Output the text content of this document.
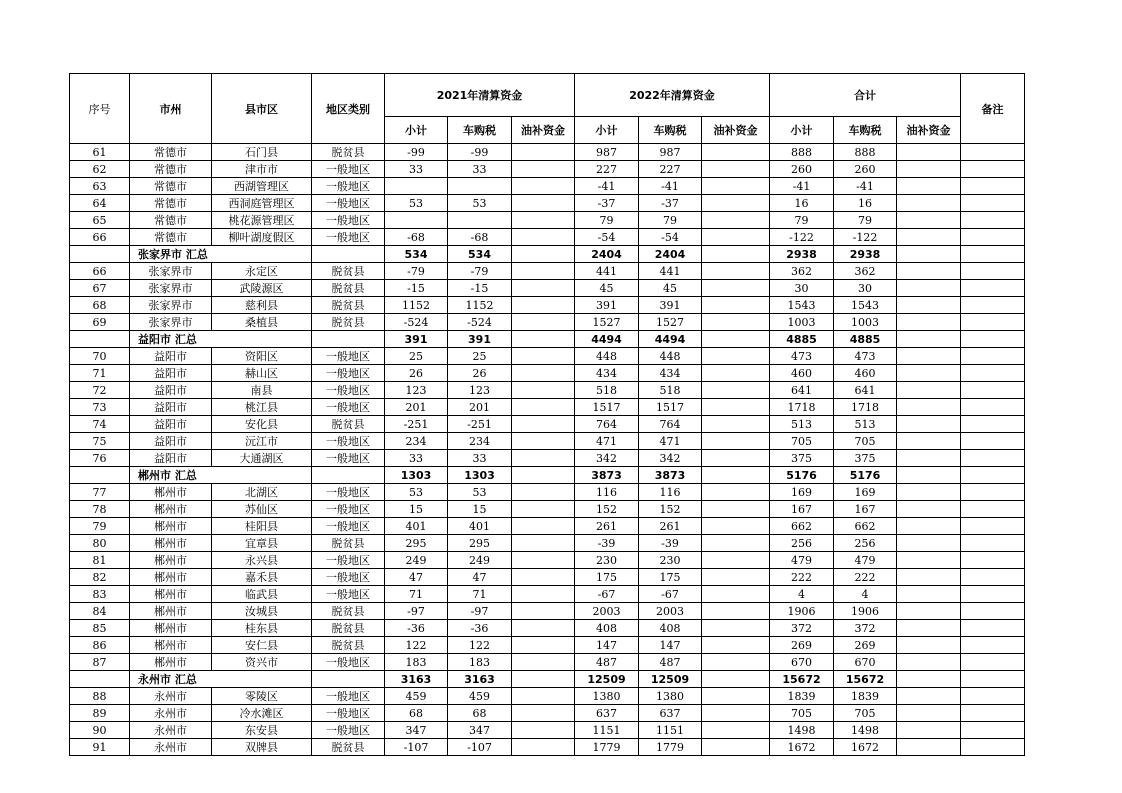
序号	市州	县市区	地区类别	2021年清算资金			2022年清算资金			合计			备注
				小计	车购税	油补资金	小计	车购税	油补资金	小计	车购税	油补资金	
61	常德市	石门县	脱贫县	-99	-99		987	987		888	888		
62	常德市	津市市	一般地区	33	33		227	227		260	260		
63	常德市	西湖管理区	一般地区				-41	-41		-41	-41		
64	常德市	西洞庭管理区	一般地区	53	53		-37	-37		16	16		
65	常德市	桃花源管理区	一般地区				79	79		79	79		
66	常德市	柳叶湖度假区	一般地区	-68	-68		-54	-54		-122	-122		
	张家界市 汇总			534	534		2404	2404		2938	2938		
66	张家界市	永定区	脱贫县	-79	-79		441	441		362	362		
67	张家界市	武陵源区	脱贫县	-15	-15		45	45		30	30		
68	张家界市	慈利县	脱贫县	1152	1152		391	391		1543	1543		
69	张家界市	桑植县	脱贫县	-524	-524		1527	1527		1003	1003		
	益阳市 汇总			391	391		4494	4494		4885	4885		
70	益阳市	资阳区	一般地区	25	25		448	448		473	473		
71	益阳市	赫山区	一般地区	26	26		434	434		460	460		
72	益阳市	南县	一般地区	123	123		518	518		641	641		
73	益阳市	桃江县	一般地区	201	201		1517	1517		1718	1718		
74	益阳市	安化县	脱贫县	-251	-251		764	764		513	513		
75	益阳市	沅江市	一般地区	234	234		471	471		705	705		
76	益阳市	大通湖区	一般地区	33	33		342	342		375	375		
	郴州市 汇总			1303	1303		3873	3873		5176	5176		
77	郴州市	北湖区	一般地区	53	53		116	116		169	169		
78	郴州市	苏仙区	一般地区	15	15		152	152		167	167		
79	郴州市	桂阳县	一般地区	401	401		261	261		662	662		
80	郴州市	宜章县	脱贫县	295	295		-39	-39		256	256		
81	郴州市	永兴县	一般地区	249	249		230	230		479	479		
82	郴州市	嘉禾县	一般地区	47	47		175	175		222	222		
83	郴州市	临武县	一般地区	71	71		-67	-67		4	4		
84	郴州市	汝城县	脱贫县	-97	-97		2003	2003		1906	1906		
85	郴州市	桂东县	脱贫县	-36	-36		408	408		372	372		
86	郴州市	安仁县	脱贫县	122	122		147	147		269	269		
87	郴州市	资兴市	一般地区	183	183		487	487		670	670		
	永州市 汇总			3163	3163		12509	12509		15672	15672		
88	永州市	零陵区	一般地区	459	459		1380	1380		1839	1839		
89	永州市	冷水滩区	一般地区	68	68		637	637		705	705		
90	永州市	东安县	一般地区	347	347		1151	1151		1498	1498		
91	永州市	双牌县	脱贫县	-107	-107		1779	1779		1672	1672		
